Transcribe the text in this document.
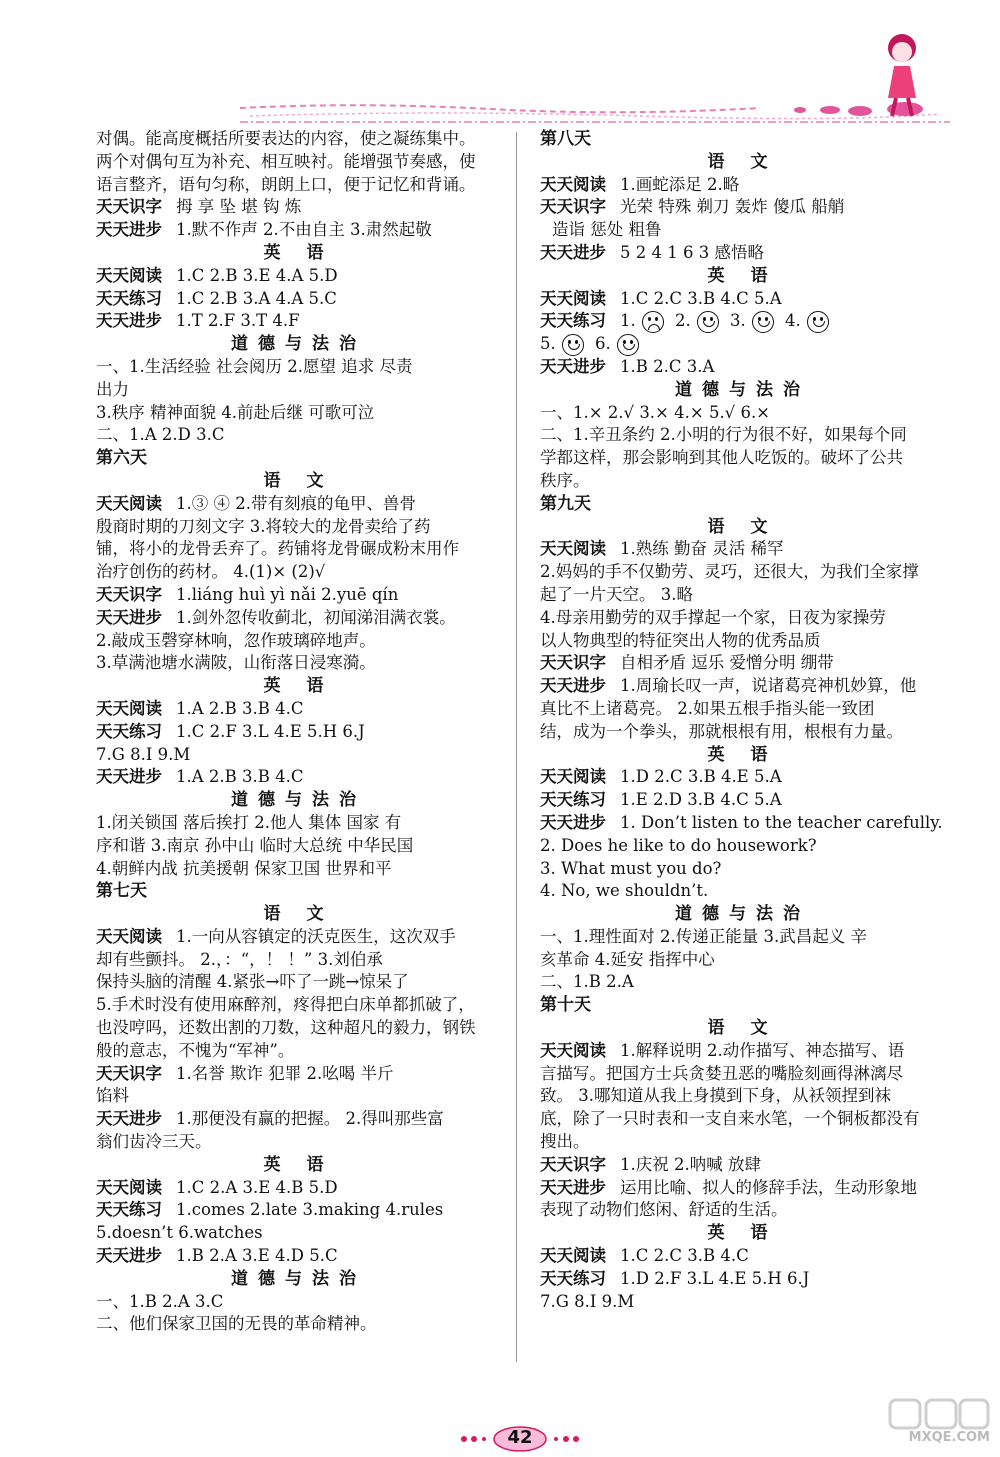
对偶。能高度概括所要表达的内容，使之凝练集中。
两个对偶句互为补充、相互映衬。能增强节奏感，使
语言整齐，语句匀称，朗朗上口，便于记忆和背诵。
天天识字 拇 享 坠 堪 钩 炼
天天进步 1.默不作声 2.不由自主 3.肃然起敬
英 语
天天阅读 1.C 2.B 3.E 4.A 5.D
天天练习 1.C 2.B 3.A 4.A 5.C
天天进步 1.T 2.F 3.T 4.F
道德与法治
一、1.生活经验 社会阅历 2.愿望 追求 尽责
出力
3.秩序 精神面貌 4.前赴后继 可歌可泣
二、1.A 2.D 3.C
第六天
语 文
天天阅读 1.③ ④ 2.带有刻痕的龟甲、兽骨
殷商时期的刀刻文字 3.将较大的龙骨卖给了药
铺，将小的龙骨丢弃了。药铺将龙骨碾成粉末用作
治疗创伤的药材。 4.(1)× (2)√
天天识字 1.liáng huì yì nǎi 2.yuē qín
天天进步 1.剑外忽传收蓟北，初闻涕泪满衣裳。
2.敲成玉磬穿林响，忽作玻璃碎地声。
3.草满池塘水满陂，山衔落日浸寒漪。
英 语
天天阅读 1.A 2.B 3.B 4.C
天天练习 1.C 2.F 3.L 4.E 5.H 6.J
7.G 8.I 9.M
天天进步 1.A 2.B 3.B 4.C
道德与法治
1.闭关锁国 落后挨打 2.他人 集体 国家 有
序和谐 3.南京 孙中山 临时大总统 中华民国
4.朝鲜内战 抗美援朝 保家卫国 世界和平
第七天
语 文
天天阅读 1.一向从容镇定的沃克医生，这次双手
却有些颤抖。 2.，：“，！ ！” 3.刘伯承
保持头脑的清醒 4.紧张→吓了一跳→惊呆了
5.手术时没有使用麻醉剂，疼得把白床单都抓破了，
也没哼吗，还数出割的刀数，这种超凡的毅力，钢铁
般的意志，不愧为“军神”。
天天识字 1.名誉 欺诈 犯罪 2.吆喝 半斤
馅料
天天进步 1.那便没有赢的把握。 2.得叫那些富
翁们齿冷三天。
英 语
天天阅读 1.C 2.A 3.E 4.B 5.D
天天练习 1.comes 2.late 3.making 4.rules
5.doesn’t 6.watches
天天进步 1.B 2.A 3.E 4.D 5.C
道德与法治
一、1.B 2.A 3.C
二、他们保家卫国的无畏的革命精神。
第八天
语 文
天天阅读 1.画蛇添足 2.略
天天识字 光荣 特殊 剃刀 轰炸 傻瓜 船艄
造诣 惩处 粗鲁
天天进步 5 2 4 1 6 3 感悟略
英 语
天天阅读 1.C 2.C 3.B 4.C 5.A
天天练习 1. 2. 3. 4.
5. 6.
天天进步 1.B 2.C 3.A
道德与法治
一、1.× 2.√ 3.× 4.× 5.√ 6.×
二、1.辛丑条约 2.小明的行为很不好，如果每个同
学都这样，那会影响到其他人吃饭的。破坏了公共
秩序。
第九天
语 文
天天阅读 1.熟练 勤奋 灵活 稀罕
2.妈妈的手不仅勤劳、灵巧，还很大，为我们全家撑
起了一片天空。 3.略
4.母亲用勤劳的双手撑起一个家，日夜为家操劳
以人物典型的特征突出人物的优秀品质
天天识字 自相矛盾 逗乐 爱憎分明 绷带
天天进步 1.周瑜长叹一声，说诸葛亮神机妙算，他
真比不上诸葛亮。 2.如果五根手指头能一致团
结，成为一个拳头，那就根根有用，根根有力量。
英 语
天天阅读 1.D 2.C 3.B 4.E 5.A
天天练习 1.E 2.D 3.B 4.C 5.A
天天进步 1. Don’t listen to the teacher carefully.
2. Does he like to do housework?
3. What must you do?
4. No, we shouldn’t.
道德与法治
一、1.理性面对 2.传递正能量 3.武昌起义 辛
亥革命 4.延安 指挥中心
二、1.B 2.A
第十天
语 文
天天阅读 1.解释说明 2.动作描写、神态描写、语
言描写。把国方士兵贪婪丑恶的嘴脸刻画得淋漓尽
致。 3.哪知道从我上身摸到下身，从袄领捏到袜
底，除了一只时表和一支自来水笔，一个铜板都没有
搜出。
天天识字 1.庆祝 2.呐喊 放肆
天天进步 运用比喻、拟人的修辞手法，生动形象地
表现了动物们悠闲、舒适的生活。
英 语
天天阅读 1.C 2.C 3.B 4.C
天天练习 1.D 2.F 3.L 4.E 5.H 6.J
7.G 8.I 9.M
42	MXQE.COM
